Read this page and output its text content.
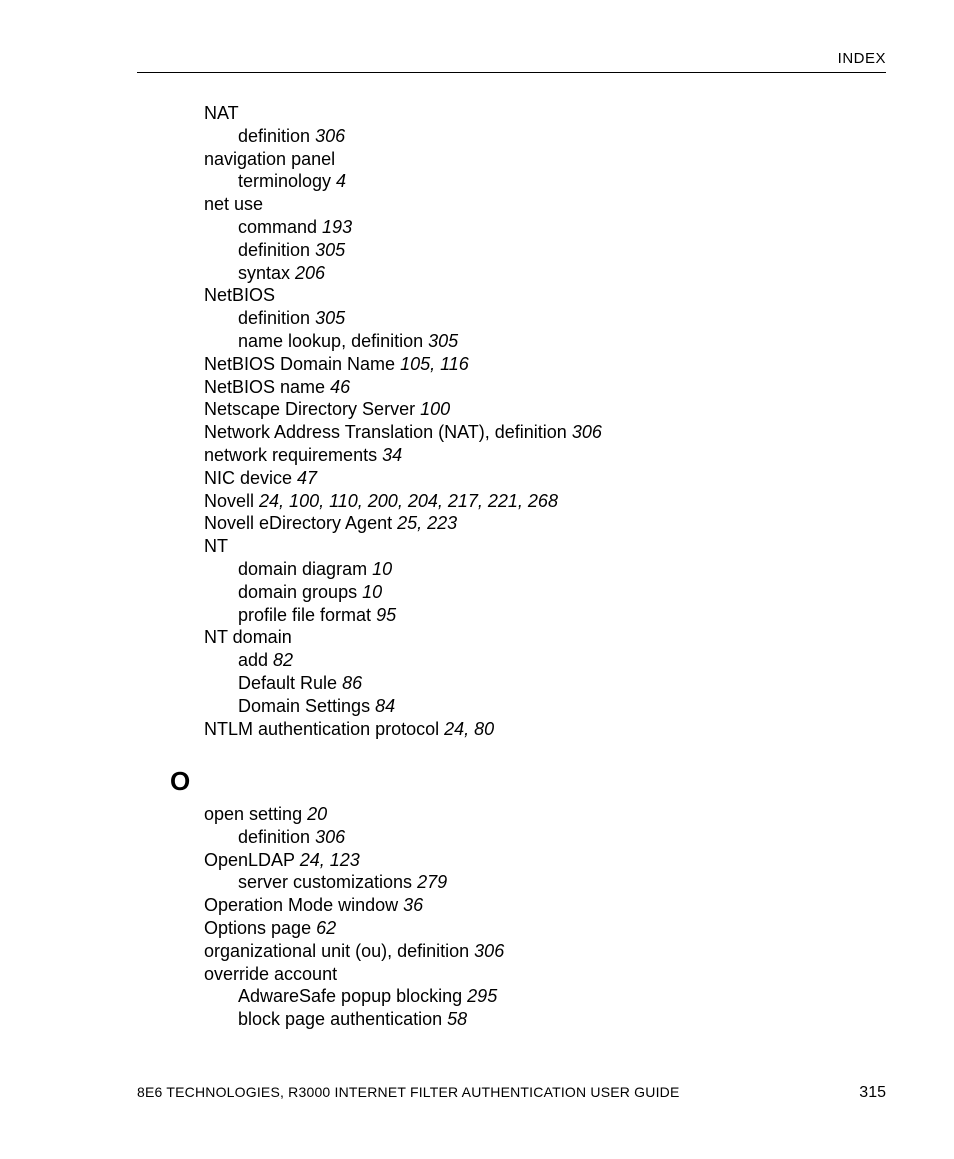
INDEX
NAT
definition 306
navigation panel
terminology 4
net use
command 193
definition 305
syntax 206
NetBIOS
definition 305
name lookup, definition 305
NetBIOS Domain Name 105, 116
NetBIOS name 46
Netscape Directory Server 100
Network Address Translation (NAT), definition 306
network requirements 34
NIC device 47
Novell 24, 100, 110, 200, 204, 217, 221, 268
Novell eDirectory Agent 25, 223
NT
domain diagram 10
domain groups 10
profile file format 95
NT domain
add 82
Default Rule 86
Domain Settings 84
NTLM authentication protocol 24, 80
O
open setting 20
definition 306
OpenLDAP 24, 123
server customizations 279
Operation Mode window 36
Options page 62
organizational unit (ou), definition 306
override account
AdwareSafe popup blocking 295
block page authentication 58
8E6 TECHNOLOGIES, R3000 INTERNET FILTER AUTHENTICATION USER GUIDE	315
